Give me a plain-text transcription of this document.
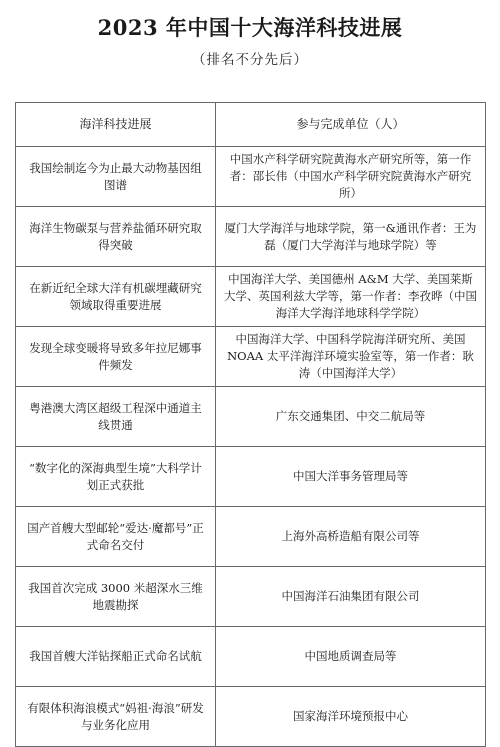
2023 年中国十大海洋科技进展
（排名不分先后）
海洋科技进展	参与完成单位（人）
我国绘制迄今为止最大动物基因组图谱	中国水产科学研究院黄海水产研究所等，第一作者：邵长伟（中国水产科学研究院黄海水产研究所）
海洋生物碳泵与营养盐循环研究取得突破	厦门大学海洋与地球学院，第一&通讯作者：王为磊（厦门大学海洋与地球学院）等
在新近纪全球大洋有机碳埋藏研究领域取得重要进展	中国海洋大学、美国德州 A&M 大学、美国莱斯大学、英国利兹大学等，第一作者：李孜晔（中国海洋大学海洋地球科学学院）
发现全球变暖将导致多年拉尼娜事件频发	中国海洋大学、中国科学院海洋研究所、美国 NOAA 太平洋海洋环境实验室等，第一作者：耿涛（中国海洋大学）
粤港澳大湾区超级工程深中通道主线贯通	广东交通集团、中交二航局等
“数字化的深海典型生境”大科学计划正式获批	中国大洋事务管理局等
国产首艘大型邮轮“爱达·魔都号”正式命名交付	上海外高桥造船有限公司等
我国首次完成 3000 米超深水三维地震勘探	中国海洋石油集团有限公司
我国首艘大洋钻探船正式命名试航	中国地质调查局等
有限体积海浪模式“妈祖·海浪”研发与业务化应用	国家海洋环境预报中心
